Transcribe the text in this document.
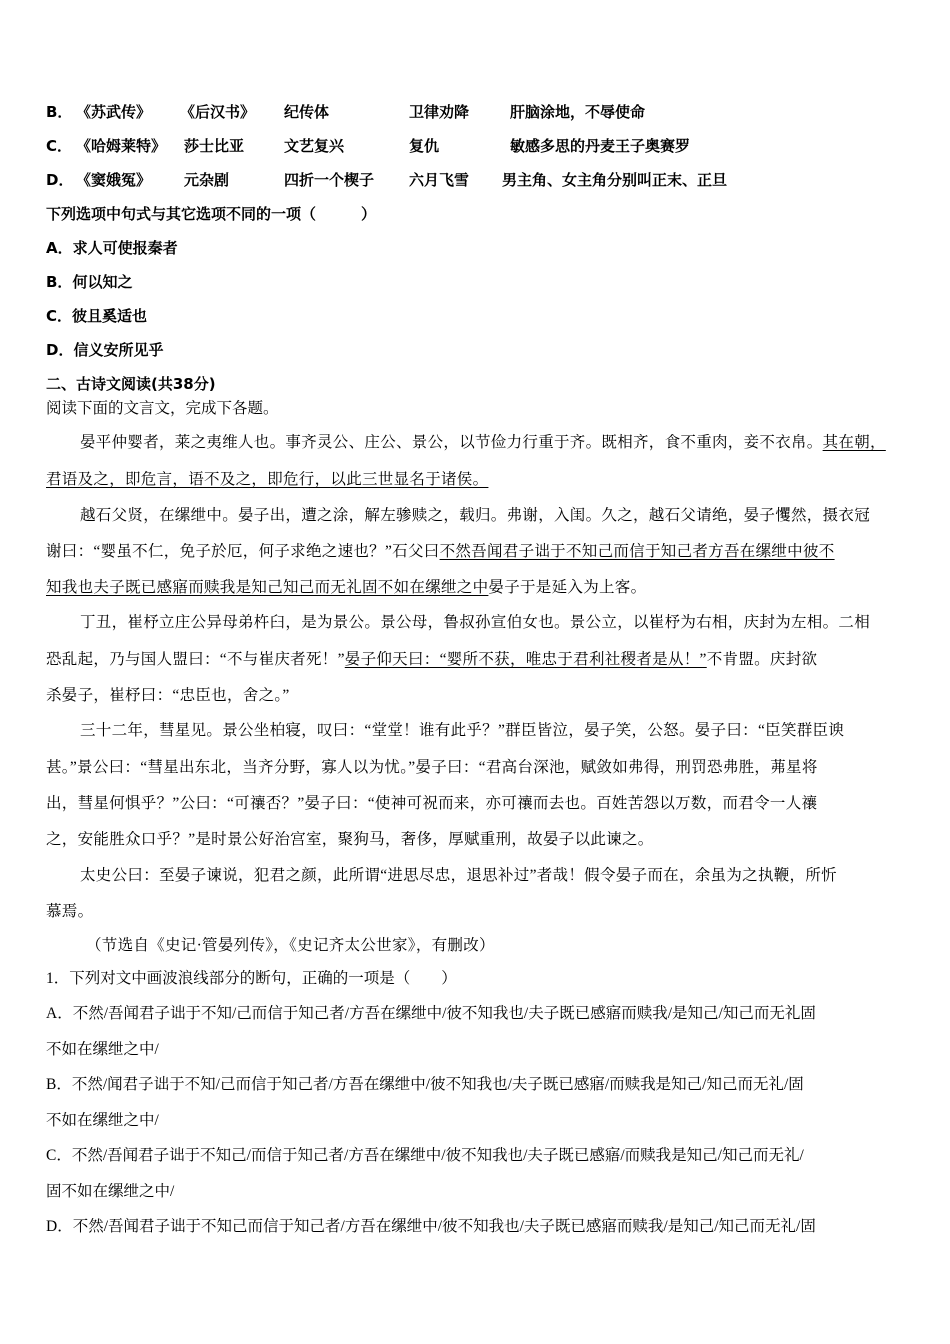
B． 《苏武传》 《后汉书》 纪传体	卫律劝降	肝脑涂地，不辱使命
C． 《哈姆莱特》 莎士比亚	文艺复兴	复仇	敏感多思的丹麦王子奥赛罗
D． 《窦娥冤》 元杂剧	四折一个楔子 六月飞雪 男主角、女主角分别叫正末、正旦
下列选项中句式与其它选项不同的一项（　　　）
A．求人可使报秦者
B．何以知之
C．彼且奚适也
D．信义安所见乎
二、古诗文阅读(共38分)
阅读下面的文言文，完成下各题。
晏平仲婴者，莱之夷维人也。事齐灵公、庄公、景公，以节俭力行重于齐。既相齐，食不重肉，妾不衣帛。其在朝，
君语及之，即危言，语不及之，即危行，以此三世显名于诸侯。
越石父贤，在缧绁中。晏子出，遭之涂，解左骖赎之，载归。弗谢，入闺。久之，越石父请绝，晏子戄然，摄衣冠
谢曰：“婴虽不仁，免子於厄，何子求绝之速也？”石父曰不然吾闻君子诎于不知己而信于知己者方吾在缧绁中彼不
知我也夫子既已感寤而赎我是知己知己而无礼固不如在缧绁之中晏子于是延入为上客。
丁丑，崔杼立庄公异母弟杵臼，是为景公。景公母，鲁叔孙宣伯女也。景公立，以崔杼为右相，庆封为左相。二相
恐乱起，乃与国人盟曰：“不与崔庆者死！”晏子仰天曰：“婴所不获，唯忠于君利社稷者是从！”不肯盟。庆封欲
杀晏子，崔杼曰：“忠臣也，舍之。”
三十二年，彗星见。景公坐柏寝，叹曰：“堂堂！谁有此乎？”群臣皆泣，晏子笑，公怒。晏子曰：“臣笑群臣谀
甚。”景公曰：“彗星出东北，当齐分野，寡人以为忧。”晏子曰：“君高台深池，赋敛如弗得，刑罚恐弗胜，茀星将
出，彗星何惧乎？”公曰：“可禳否？”晏子曰：“使神可祝而来，亦可禳而去也。百姓苦怨以万数，而君令一人禳
之，安能胜众口乎？”是时景公好治宫室，聚狗马，奢侈，厚赋重刑，故晏子以此谏之。
太史公曰：至晏子谏说，犯君之颜，此所谓“进思尽忠，退思补过”者哉！假令晏子而在，余虽为之执鞭，所忻
慕焉。
（节选自《史记·管晏列传》，《史记齐太公世家》，有删改）
1．下列对文中画波浪线部分的断句，正确的一项是（　　）
A．不然/吾闻君子诎于不知/己而信于知己者/方吾在缧绁中/彼不知我也/夫子既已感寤而赎我/是知己/知己而无礼固
不如在缧绁之中/
B．不然/闻君子诎于不知/己而信于知己者/方吾在缧绁中/彼不知我也/夫子既已感寤/而赎我是知己/知己而无礼/固
不如在缧绁之中/
C．不然/吾闻君子诎于不知己/而信于知己者/方吾在缧绁中/彼不知我也/夫子既已感寤/而赎我是知己/知己而无礼/
固不如在缧绁之中/
D．不然/吾闻君子诎于不知己而信于知己者/方吾在缧绁中/彼不知我也/夫子既已感寤而赎我/是知己/知己而无礼/固
